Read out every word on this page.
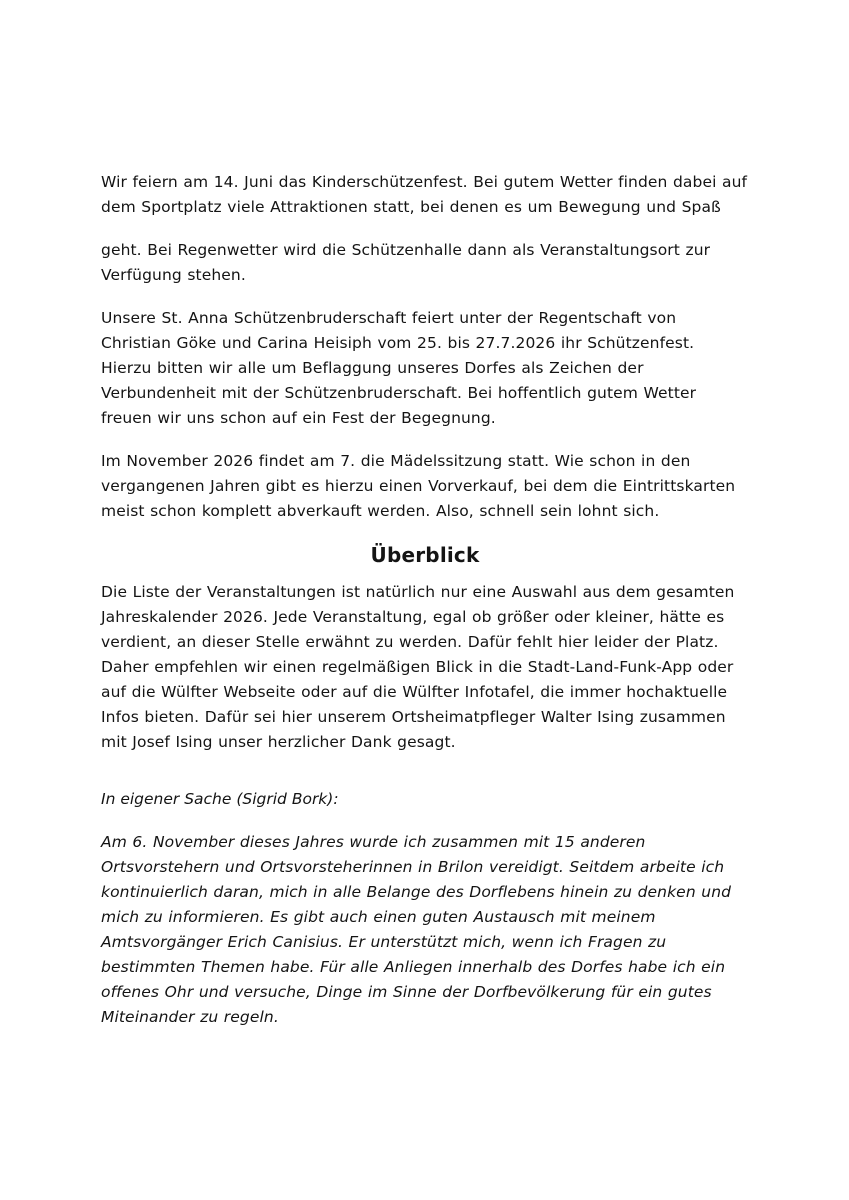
Wir feiern am 14. Juni das Kinderschützenfest. Bei gutem Wetter finden dabei auf dem Sportplatz viele Attraktionen statt, bei denen es um Bewegung und Spaß

geht. Bei Regenwetter wird die Schützenhalle dann als Veranstaltungsort zur Verfügung stehen.

Unsere St. Anna Schützenbruderschaft feiert unter der Regentschaft von Christian Göke und Carina Heisiph vom 25. bis 27.7.2026 ihr Schützenfest. Hierzu bitten wir alle um Beflaggung unseres Dorfes als Zeichen der Verbundenheit mit der Schützenbruderschaft. Bei hoffentlich gutem Wetter freuen wir uns schon auf ein Fest der Begegnung.

Im November 2026 findet am 7. die Mädelssitzung statt. Wie schon in den vergangenen Jahren gibt es hierzu einen Vorverkauf, bei dem die Eintrittskarten meist schon komplett abverkauft werden. Also, schnell sein lohnt sich.

Überblick

Die Liste der Veranstaltungen ist natürlich nur eine Auswahl aus dem gesamten Jahreskalender 2026. Jede Veranstaltung, egal ob größer oder kleiner, hätte es verdient, an dieser Stelle erwähnt zu werden. Dafür fehlt hier leider der Platz. Daher empfehlen wir einen regelmäßigen Blick in die Stadt-Land-Funk-App oder auf die Wülfter Webseite oder auf die Wülfter Infotafel, die immer hochaktuelle Infos bieten. Dafür sei hier unserem Ortsheimatpfleger Walter Ising zusammen mit Josef Ising unser herzlicher Dank gesagt.

In eigener Sache (Sigrid Bork):

Am 6. November dieses Jahres wurde ich zusammen mit 15 anderen Ortsvorstehern und Ortsvorsteherinnen in Brilon vereidigt. Seitdem arbeite ich kontinuierlich daran, mich in alle Belange des Dorflebens hinein zu denken und mich zu informieren. Es gibt auch einen guten Austausch mit meinem Amtsvorgänger Erich Canisius. Er unterstützt mich, wenn ich Fragen zu bestimmten Themen habe. Für alle Anliegen innerhalb des Dorfes habe ich ein offenes Ohr und versuche, Dinge im Sinne der Dorfbevölkerung für ein gutes Miteinander zu regeln.
